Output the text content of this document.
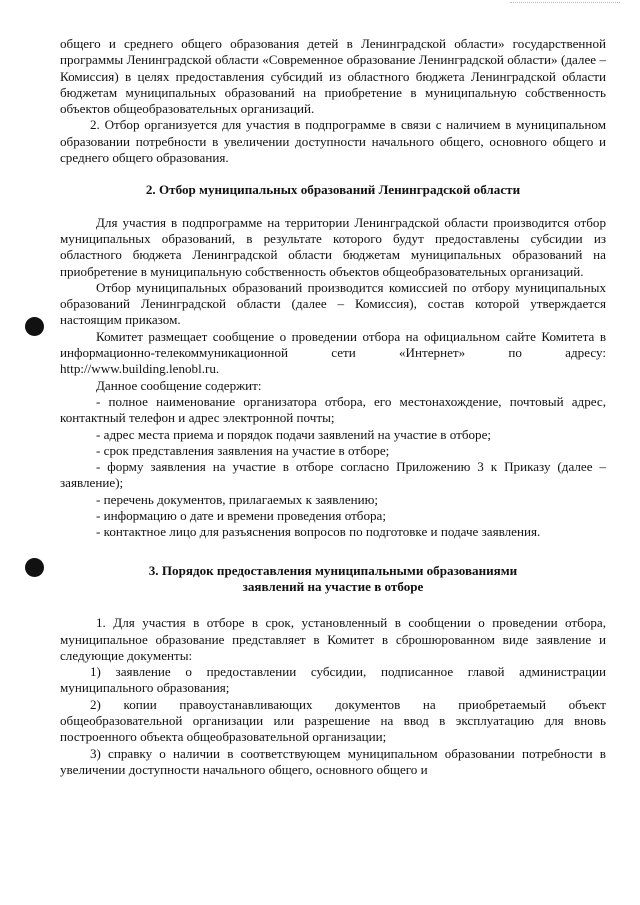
общего и среднего общего образования детей в Ленинградской области» государственной программы Ленинградской области «Современное образование Ленинградской области» (далее – Комиссия) в целях предоставления субсидий из областного бюджета Ленинградской области бюджетам муниципальных образований на приобретение в муниципальную собственность объектов общеобразовательных организаций.

2. Отбор организуется для участия в подпрограмме в связи с наличием в муниципальном образовании потребности в увеличении доступности начального общего, основного общего и среднего общего образования.

2. Отбор муниципальных образований Ленинградской области

Для участия в подпрограмме на территории Ленинградской области производится отбор муниципальных образований, в результате которого будут предоставлены субсидии из областного бюджета Ленинградской области бюджетам муниципальных образований на приобретение в муниципальную собственность объектов общеобразовательных организаций.

Отбор муниципальных образований производится комиссией по отбору муниципальных образований Ленинградской области (далее – Комиссия), состав которой утверждается настоящим приказом.

Комитет размещает сообщение о проведении отбора на официальном сайте Комитета в информационно-телекоммуникационной сети «Интернет» по адресу: http://www.building.lenobl.ru.

Данное сообщение содержит:

- полное наименование организатора отбора, его местонахождение, почтовый адрес, контактный телефон и адрес электронной почты;

- адрес места приема и порядок подачи заявлений на участие в отборе;

- срок представления заявления на участие в отборе;

- форму заявления на участие в отборе согласно Приложению 3 к Приказу (далее – заявление);

- перечень документов, прилагаемых к заявлению;

- информацию о дате и времени проведения отбора;

- контактное лицо для разъяснения вопросов по подготовке и подаче заявления.

3. Порядок предоставления муниципальными образованиями

заявлений на участие в отборе

1. Для участия в отборе в срок, установленный в сообщении о проведении отбора, муниципальное образование представляет в Комитет в сброшюрованном виде заявление и следующие документы:

1) заявление о предоставлении субсидии, подписанное главой администрации муниципального образования;

2) копии правоустанавливающих документов на приобретаемый объект общеобразовательной организации или разрешение на ввод в эксплуатацию для вновь построенного объекта общеобразовательной организации;

3) справку о наличии в соответствующем муниципальном образовании потребности в увеличении доступности начального общего, основного общего и
